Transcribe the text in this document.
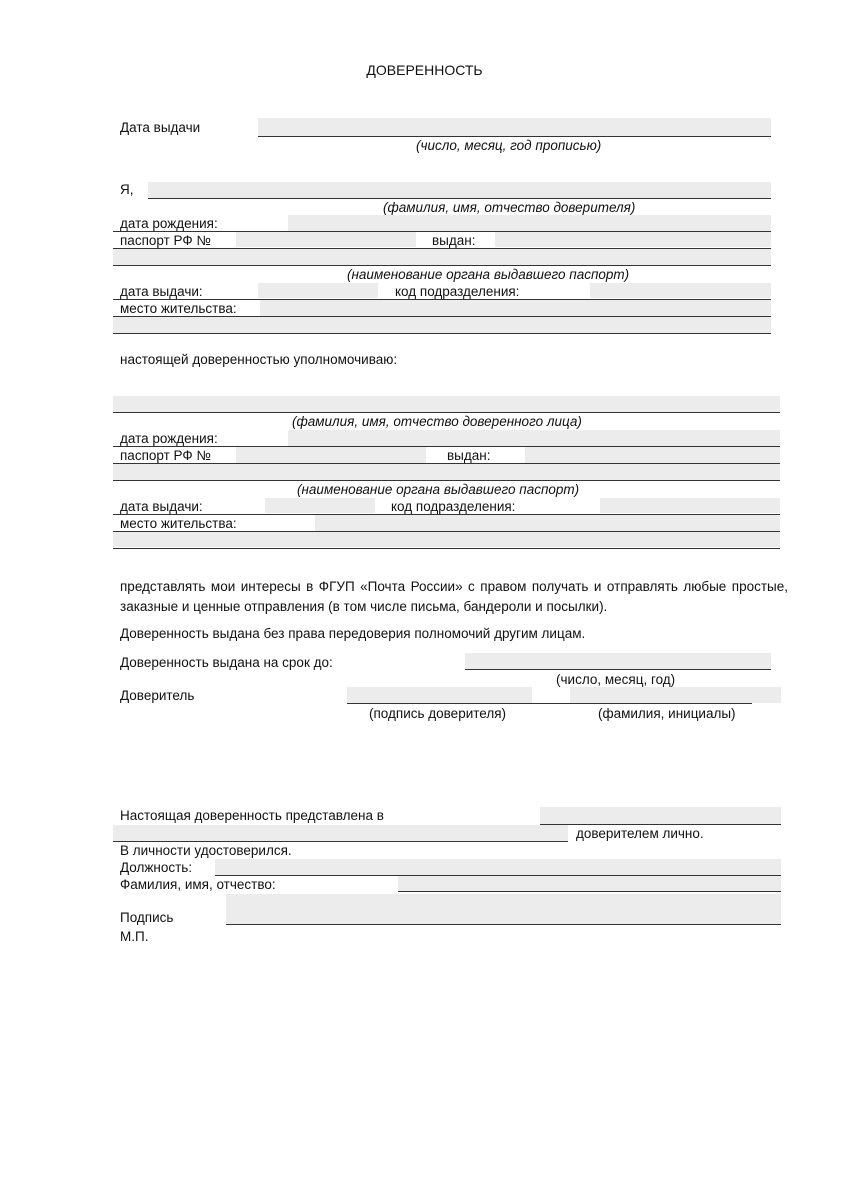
ДОВЕРЕННОСТЬ
Дата выдачи
(число, месяц, год прописью)
Я,
(фамилия, имя, отчество доверителя)
дата рождения:
паспорт РФ №	выдан:
(наименование органа выдавшего паспорт)
дата выдачи:	код подразделения:
место жительства:
настоящей доверенностью уполномочиваю:
(фамилия, имя, отчество доверенного лица)
дата рождения:
паспорт РФ №	выдан:
(наименование органа выдавшего паспорт)
дата выдачи:	код подразделения:
место жительства:
представлять мои интересы в ФГУП «Почта России» с правом получать и отправлять любые простые, заказные и ценные отправления (в том числе письма, бандероли и посылки).
Доверенность выдана без права передоверия полномочий другим лицам.
Доверенность выдана на срок до:
(число, месяц, год)
Доверитель
(подпись доверителя)	(фамилия, инициалы)
Настоящая доверенность представлена в
доверителем лично.
В личности удостоверился.
Должность:
Фамилия, имя, отчество:
Подпись
М.П.
